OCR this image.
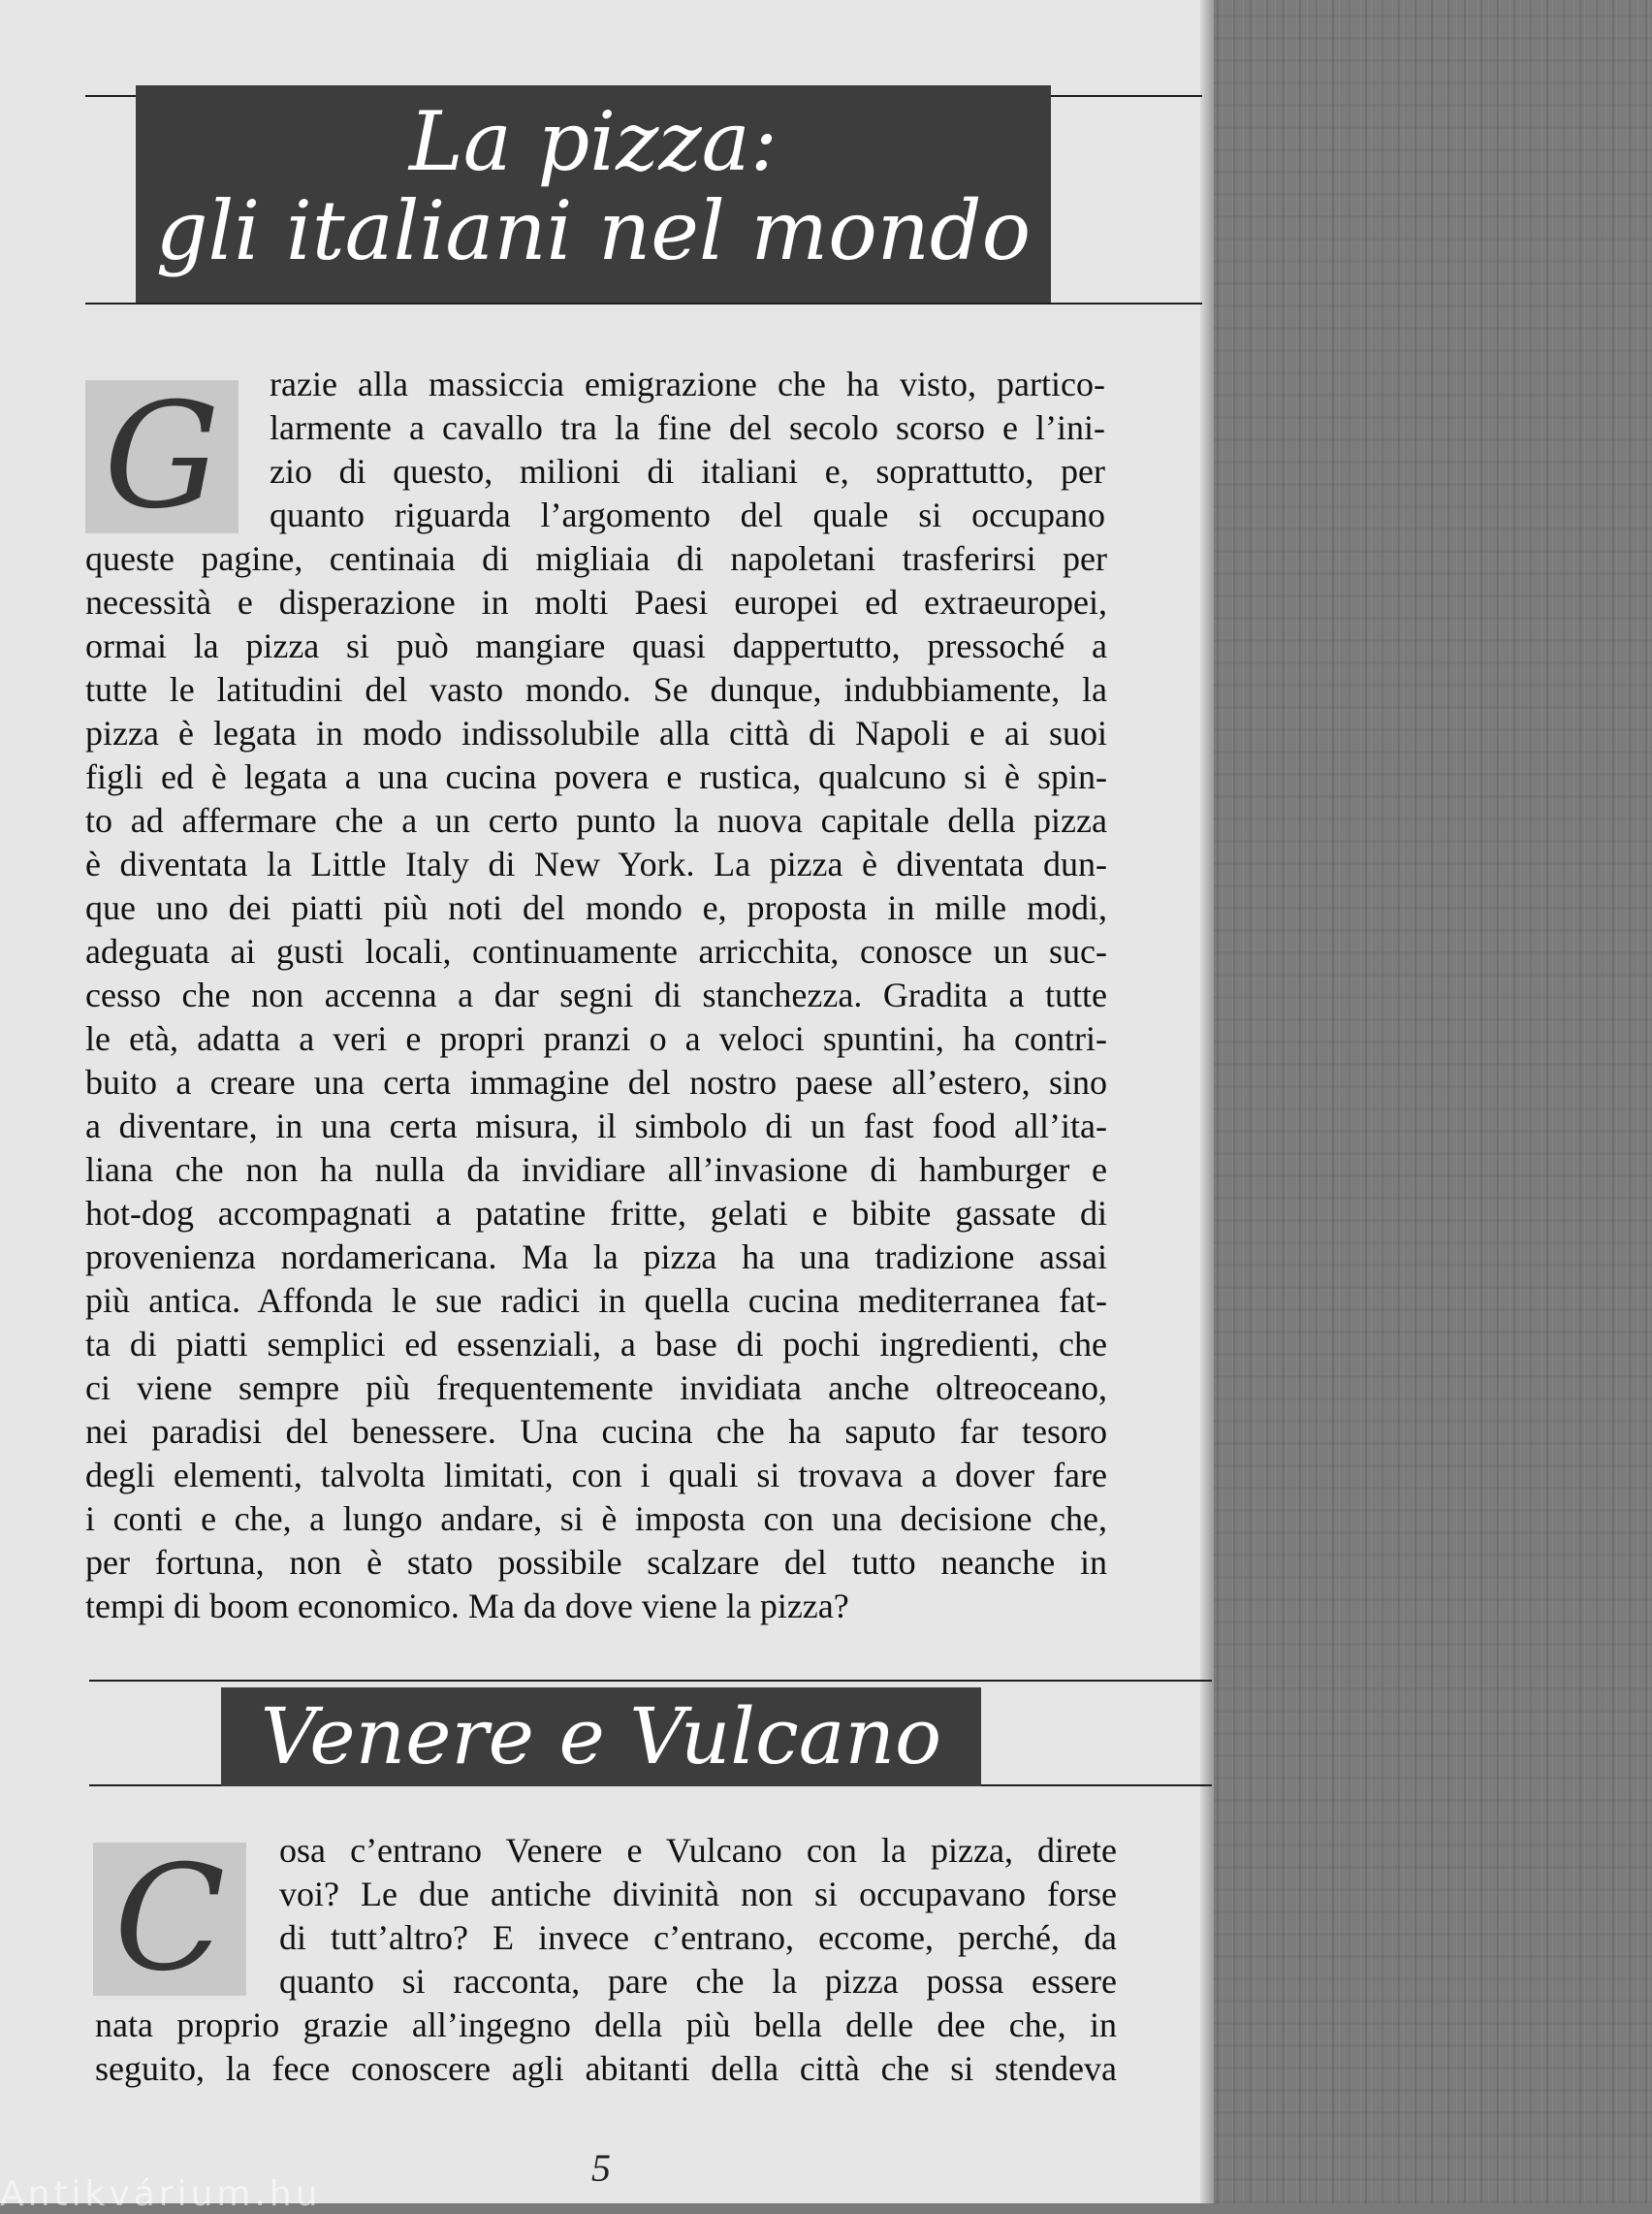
La pizza:
gli italiani nel mondo
G	razie alla massiccia emigrazione che ha visto, partico-
larmente a cavallo tra la fine del secolo scorso e l’ini-
zio di questo, milioni di italiani e, soprattutto, per
quanto riguarda l’argomento del quale si occupano
queste pagine, centinaia di migliaia di napoletani trasferirsi per
necessità e disperazione in molti Paesi europei ed extraeuropei,
ormai la pizza si può mangiare quasi dappertutto, pressoché a
tutte le latitudini del vasto mondo. Se dunque, indubbiamente, la
pizza è legata in modo indissolubile alla città di Napoli e ai suoi
figli ed è legata a una cucina povera e rustica, qualcuno si è spin-
to ad affermare che a un certo punto la nuova capitale della pizza
è diventata la Little Italy di New York. La pizza è diventata dun-
que uno dei piatti più noti del mondo e, proposta in mille modi,
adeguata ai gusti locali, continuamente arricchita, conosce un suc-
cesso che non accenna a dar segni di stanchezza. Gradita a tutte
le età, adatta a veri e propri pranzi o a veloci spuntini, ha contri-
buito a creare una certa immagine del nostro paese all’estero, sino
a diventare, in una certa misura, il simbolo di un fast food all’ita-
liana che non ha nulla da invidiare all’invasione di hamburger e
hot-dog accompagnati a patatine fritte, gelati e bibite gassate di
provenienza nordamericana. Ma la pizza ha una tradizione assai
più antica. Affonda le sue radici in quella cucina mediterranea fat-
ta di piatti semplici ed essenziali, a base di pochi ingredienti, che
ci viene sempre più frequentemente invidiata anche oltreoceano,
nei paradisi del benessere. Una cucina che ha saputo far tesoro
degli elementi, talvolta limitati, con i quali si trovava a dover fare
i conti e che, a lungo andare, si è imposta con una decisione che,
per fortuna, non è stato possibile scalzare del tutto neanche in
tempi di boom economico. Ma da dove viene la pizza?
Venere e Vulcano
C	osa c’entrano Venere e Vulcano con la pizza, direte
voi? Le due antiche divinità non si occupavano forse
di tutt’altro? E invece c’entrano, eccome, perché, da
quanto si racconta, pare che la pizza possa essere
nata proprio grazie all’ingegno della più bella delle dee che, in
seguito, la fece conoscere agli abitanti della città che si stendeva
5
Antikvárium.hu
